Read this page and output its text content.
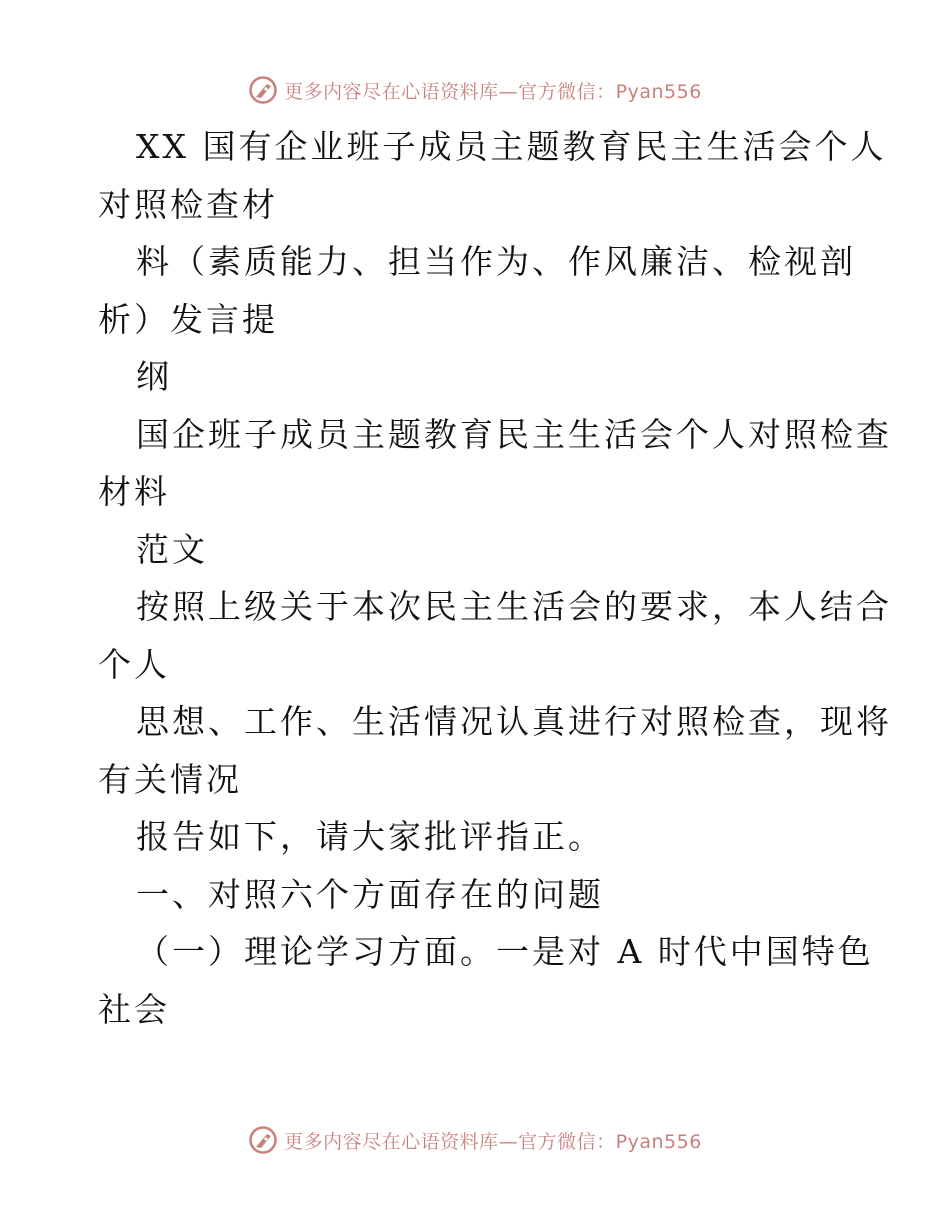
更多内容尽在心语资料库—官方微信：Pyan556
XX 国有企业班子成员主题教育民主生活会个人
对照检查材
料（素质能力、担当作为、作风廉洁、检视剖
析）发言提
纲
国企班子成员主题教育民主生活会个人对照检查
材料
范文
按照上级关于本次民主生活会的要求，本人结合
个人
思想、工作、生活情况认真进行对照检查，现将
有关情况
报告如下，请大家批评指正。
一、对照六个方面存在的问题
（一）理论学习方面。一是对 A 时代中国特色
社会
更多内容尽在心语资料库—官方微信：Pyan556
